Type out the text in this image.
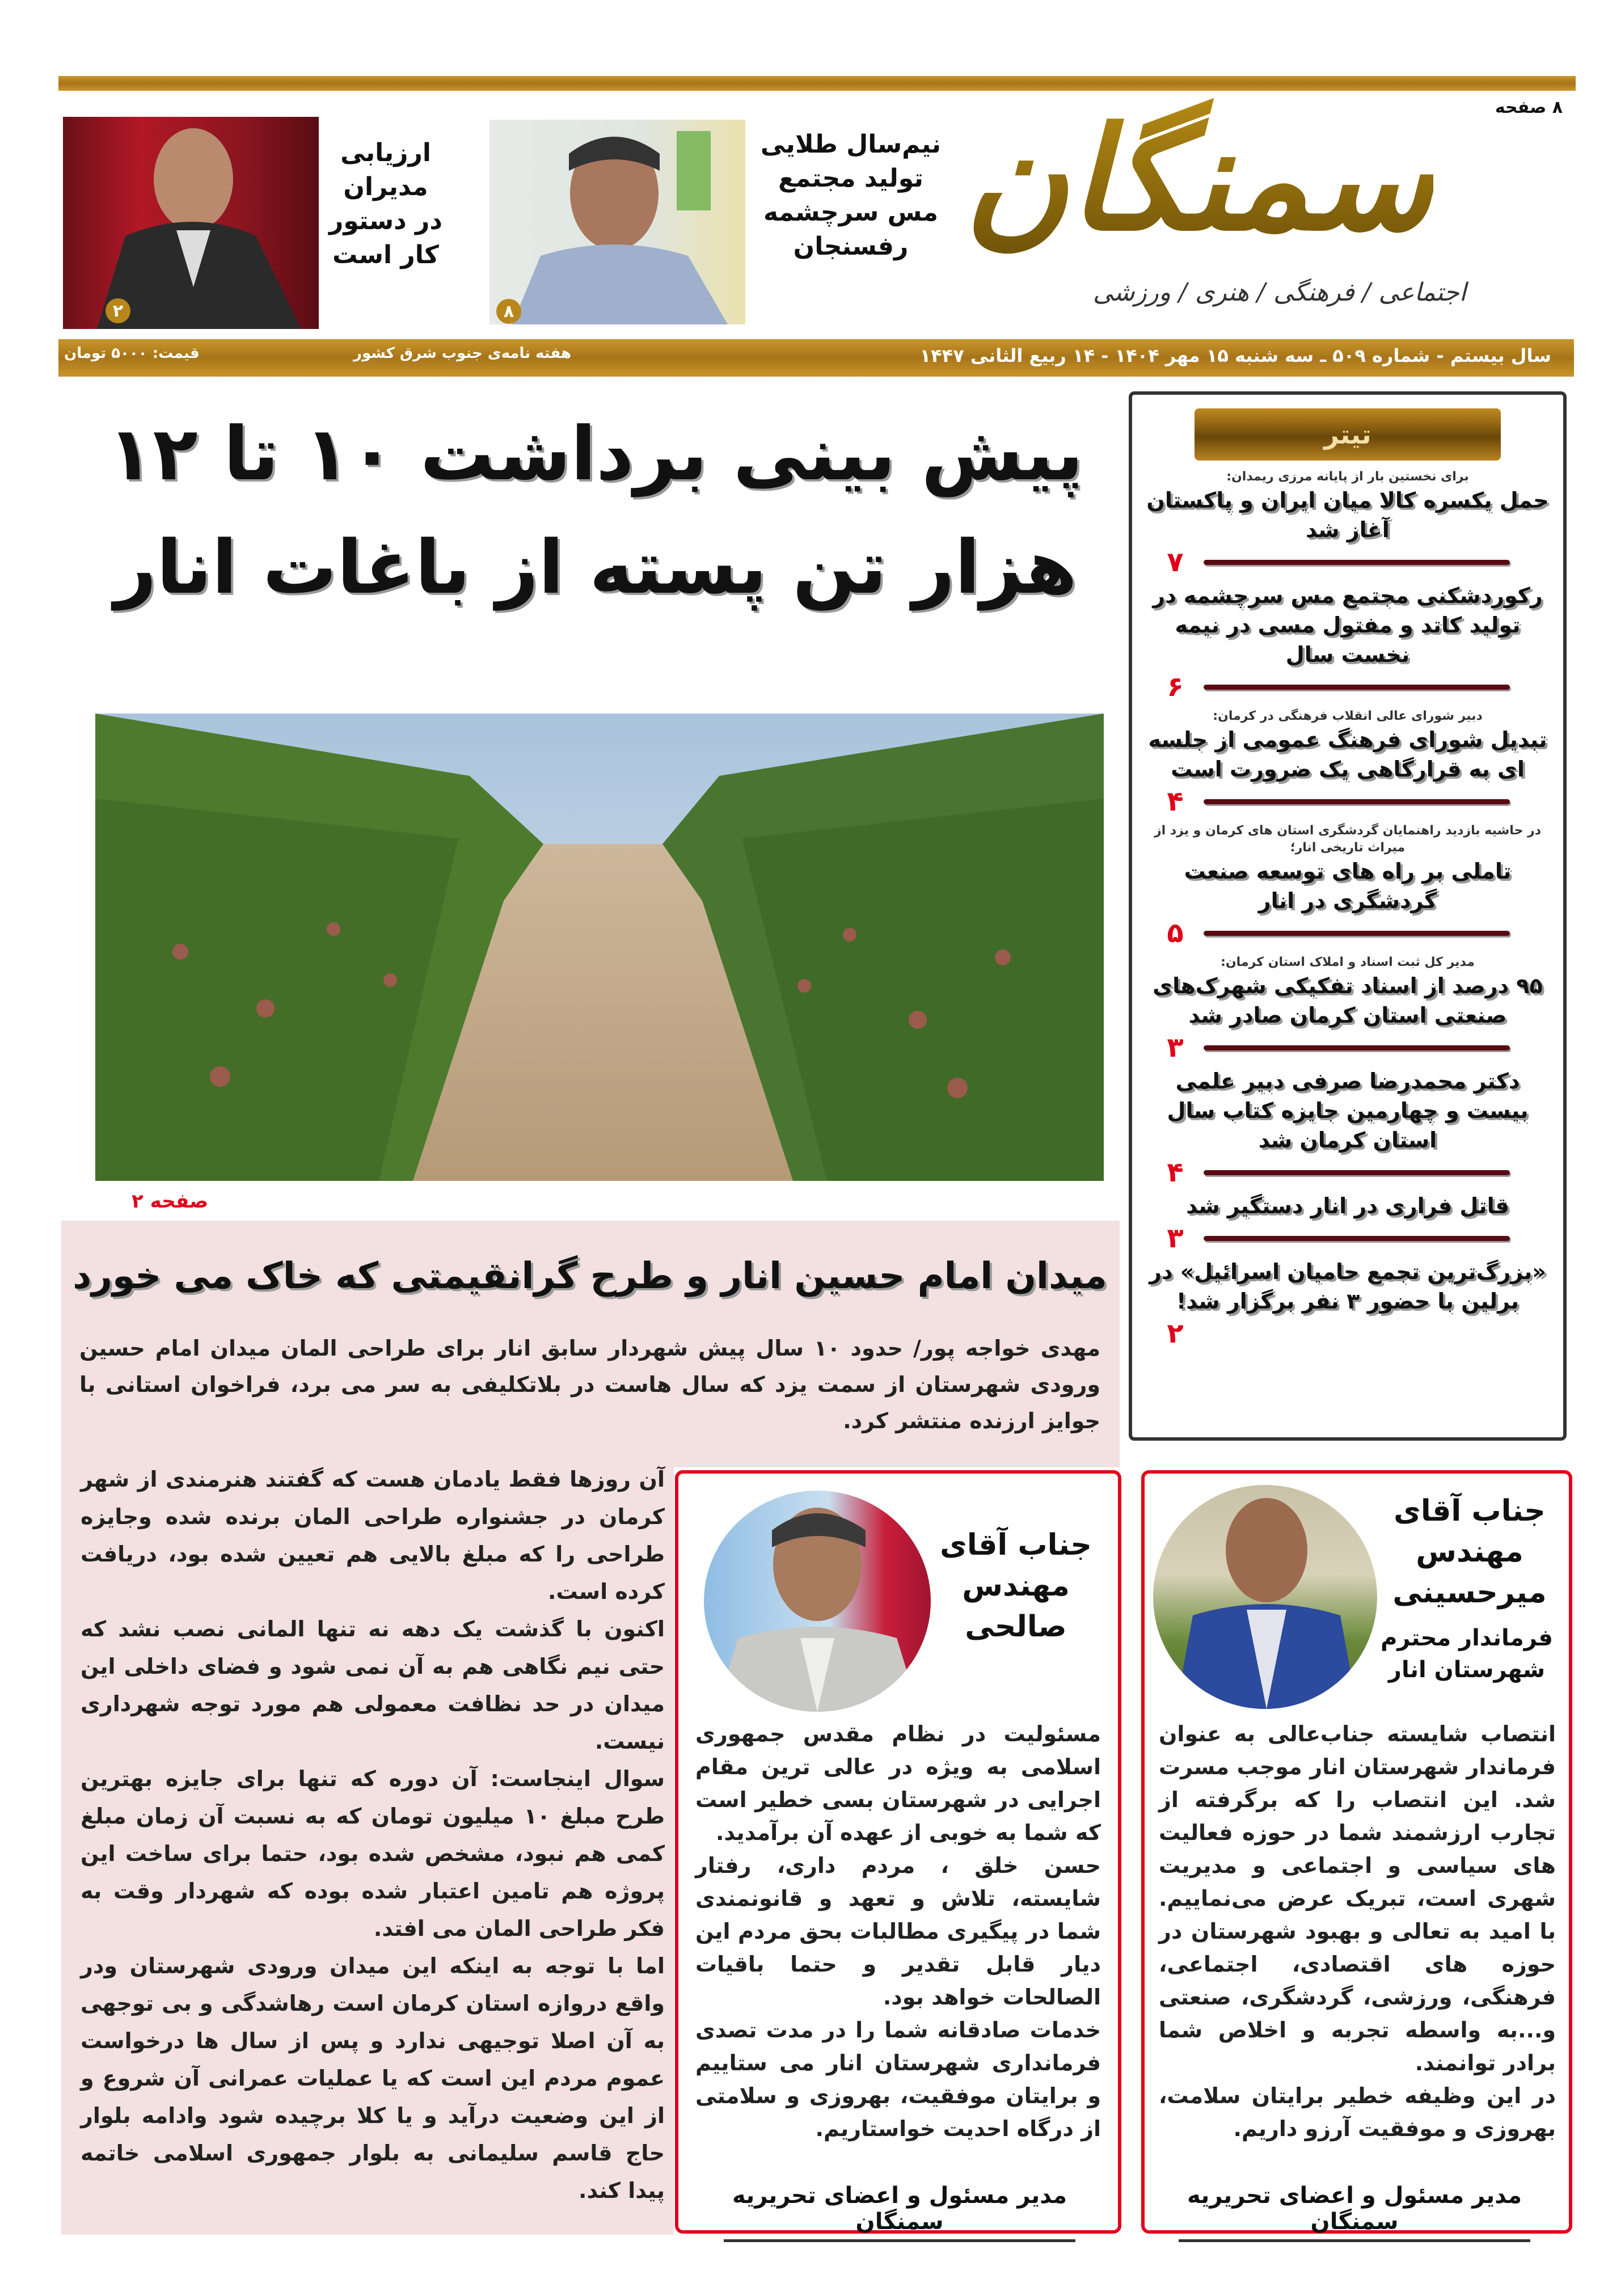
سمنگان
اجتماعی / فرهنگی / هنری / ورزشی
۸ صفحه
۲
ارزیابی مدیران در دستور کار است
۸
نیم‌سال طلایی تولید مجتمع مس سرچشمه رفسنجان
سال بیستم - شماره ۵۰۹ ـ سه شنبه ۱۵ مهر ۱۴۰۴ - ۱۴ ربیع الثانی ۱۴۴۷
هفته نامه‌ی جنوب شرق کشور
قیمت: ۵۰۰۰ تومان
پیش بینی برداشت ۱۰ تا ۱۲ هزار تن پسته از باغات انار
صفحه ۲
تیتر
برای نخستین بار از پایانه مرزی ریمدان:
حمل یکسره کالا میان ایران و پاکستان آغاز شد
۷
رکوردشکنی مجتمع مس سرچشمه در تولید کاتد و مفتول مسی در نیمه نخست سال
۶
دبیر شورای عالی انقلاب فرهنگی در کرمان:
تبدیل شورای فرهنگ عمومی از جلسه ای به قرارگاهی یک ضرورت است
۴
در حاشیه بازدید راهنمایان گردشگری استان های کرمان و یزد از میراث تاریخی انار؛
تاملی بر راه های توسعه صنعت گردشگری در انار
۵
مدیر کل ثبت اسناد و املاک استان کرمان:
۹۵ درصد از اسناد تفکیکی شهرک‌های صنعتی استان کرمان صادر شد
۳
دکتر محمدرضا صرفی دبیر علمی بیست و چهارمین جایزه کتاب سال استان کرمان شد
۴
قاتل فراری در انار دستگیر شد
۳
«بزرگ‌ترین تجمع حامیان اسرائیل» در برلین با حضور ۳ نفر برگزار شد!
۲
میدان امام حسین انار و طرح گرانقیمتی که خاک می خورد
مهدی خواجه پور/ حدود ۱۰ سال پیش شهردار سابق انار برای طراحی المان میدان امام حسین ورودی شهرستان از سمت یزد که سال هاست در بلاتکلیفی به سر می برد، فراخوان استانی با جوایز ارزنده منتشر کرد.

آن روزها فقط یادمان هست که گفتند هنرمندی از شهر کرمان در جشنواره طراحی المان برنده شده وجایزه طراحی را که مبلغ بالایی هم تعیین شده بود، دریافت کرده است.

اکنون با گذشت یک دهه نه تنها المانی نصب نشد که حتی نیم نگاهی هم به آن نمی شود و فضای داخلی این میدان در حد نظافت معمولی هم مورد توجه شهرداری نیست.

سوال اینجاست: آن دوره که تنها برای جایزه بهترین طرح مبلغ ۱۰ میلیون تومان که به نسبت آن زمان مبلغ کمی هم نبود، مشخص شده بود، حتما برای ساخت این پروژه هم تامین اعتبار شده بوده که شهردار وقت به فکر طراحی المان می افتد.

اما با توجه به اینکه این میدان ورودی شهرستان ودر واقع دروازه استان کرمان است رهاشدگی و بی توجهی به آن اصلا توجیهی ندارد و پس از سال ها درخواست عموم مردم این است که یا عملیات عمرانی آن شروع و از این وضعیت درآید و یا کلا برچیده شود وادامه بلوار حاج قاسم سلیمانی به بلوار جمهوری اسلامی خاتمه پیدا کند.

جناب آقای مهندس صالحی

مسئولیت در نظام مقدس جمهوری اسلامی به ویژه در عالی ترین مقام اجرایی در شهرستان بسی خطیر است که شما به خوبی از عهده آن برآمدید.

حسن خلق ، مردم داری، رفتار شایسته، تلاش و تعهد و قانونمندی شما در پیگیری مطالبات بحق مردم این دیار قابل تقدیر و حتما باقیات الصالحات خواهد بود.

خدمات صادقانه شما را در مدت تصدی فرمانداری شهرستان انار می ستاییم و برایتان موفقیت، بهروزی و سلامتی از درگاه احدیت خواستاریم.

مدیر مسئول و اعضای تحریریه سمنگان
جناب آقای مهندس میرحسینی
فرماندار محترم شهرستان انار

انتصاب شایسته جناب‌عالی به عنوان فرماندار شهرستان انار موجب مسرت شد. این انتصاب را که برگرفته از تجارب ارزشمند شما در حوزه فعالیت های سیاسی و اجتماعی و مدیریت شهری است، تبریک عرض می‌نماییم. با امید به تعالی و بهبود شهرستان در حوزه های اقتصادی، اجتماعی، فرهنگی، ورزشی، گردشگری، صنعتی و...به واسطه تجربه و اخلاص شما برادر توانمند.

در این وظیفه خطیر برایتان سلامت، بهروزی و موفقیت آرزو داریم.

مدیر مسئول و اعضای تحریریه سمنگان
